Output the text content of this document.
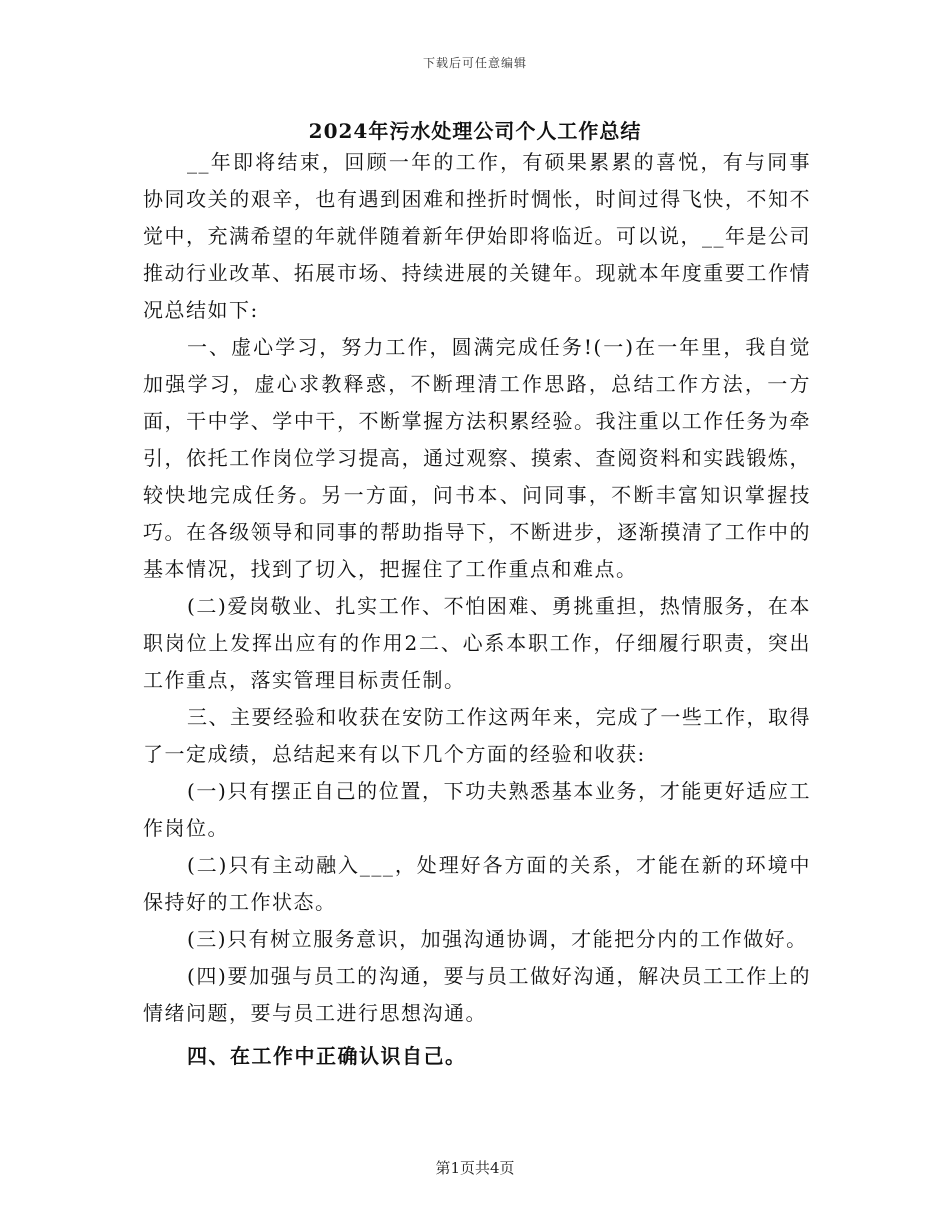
下载后可任意编辑
2024年污水处理公司个人工作总结

__年即将结束，回顾一年的工作，有硕果累累的喜悦，有与同事协同攻关的艰辛，也有遇到困难和挫折时惆怅，时间过得飞快，不知不觉中，充满希望的年就伴随着新年伊始即将临近。可以说，__年是公司推动行业改革、拓展市场、持续进展的关键年。现就本年度重要工作情况总结如下:

一、虚心学习，努力工作，圆满完成任务!(一)在一年里，我自觉加强学习，虚心求教释惑，不断理清工作思路，总结工作方法，一方面，干中学、学中干，不断掌握方法积累经验。我注重以工作任务为牵引，依托工作岗位学习提高，通过观察、摸索、查阅资料和实践锻炼，较快地完成任务。另一方面，问书本、问同事，不断丰富知识掌握技巧。在各级领导和同事的帮助指导下，不断进步，逐渐摸清了工作中的基本情况，找到了切入，把握住了工作重点和难点。

(二)爱岗敬业、扎实工作、不怕困难、勇挑重担，热情服务，在本职岗位上发挥出应有的作用2二、心系本职工作，仔细履行职责，突出工作重点，落实管理目标责任制。

三、主要经验和收获在安防工作这两年来，完成了一些工作，取得了一定成绩，总结起来有以下几个方面的经验和收获:

(一)只有摆正自己的位置，下功夫熟悉基本业务，才能更好适应工作岗位。

(二)只有主动融入___，处理好各方面的关系，才能在新的环境中保持好的工作状态。

(三)只有树立服务意识，加强沟通协调，才能把分内的工作做好。

(四)要加强与员工的沟通，要与员工做好沟通，解决员工工作上的情绪问题，要与员工进行思想沟通。

四、在工作中正确认识自己。

第1页共4页
